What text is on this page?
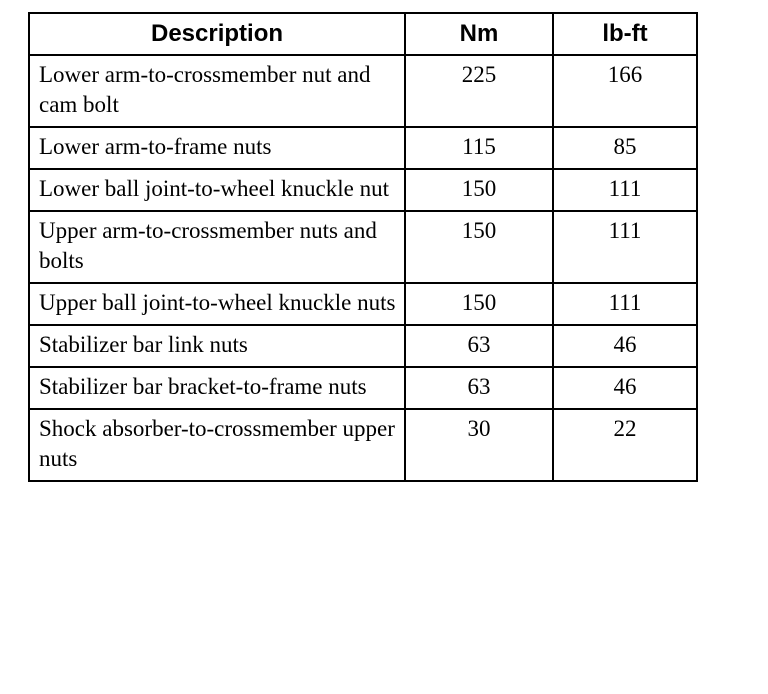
Description	Nm	lb-ft
Lower arm-to-crossmember nut and cam bolt	225	166
Lower arm-to-frame nuts	115	85
Lower ball joint-to-wheel knuckle nut	150	111
Upper arm-to-crossmember nuts and bolts	150	111
Upper ball joint-to-wheel knuckle nuts	150	111
Stabilizer bar link nuts	63	46
Stabilizer bar bracket-to-frame nuts	63	46
Shock absorber-to-crossmember upper nuts	30	22
